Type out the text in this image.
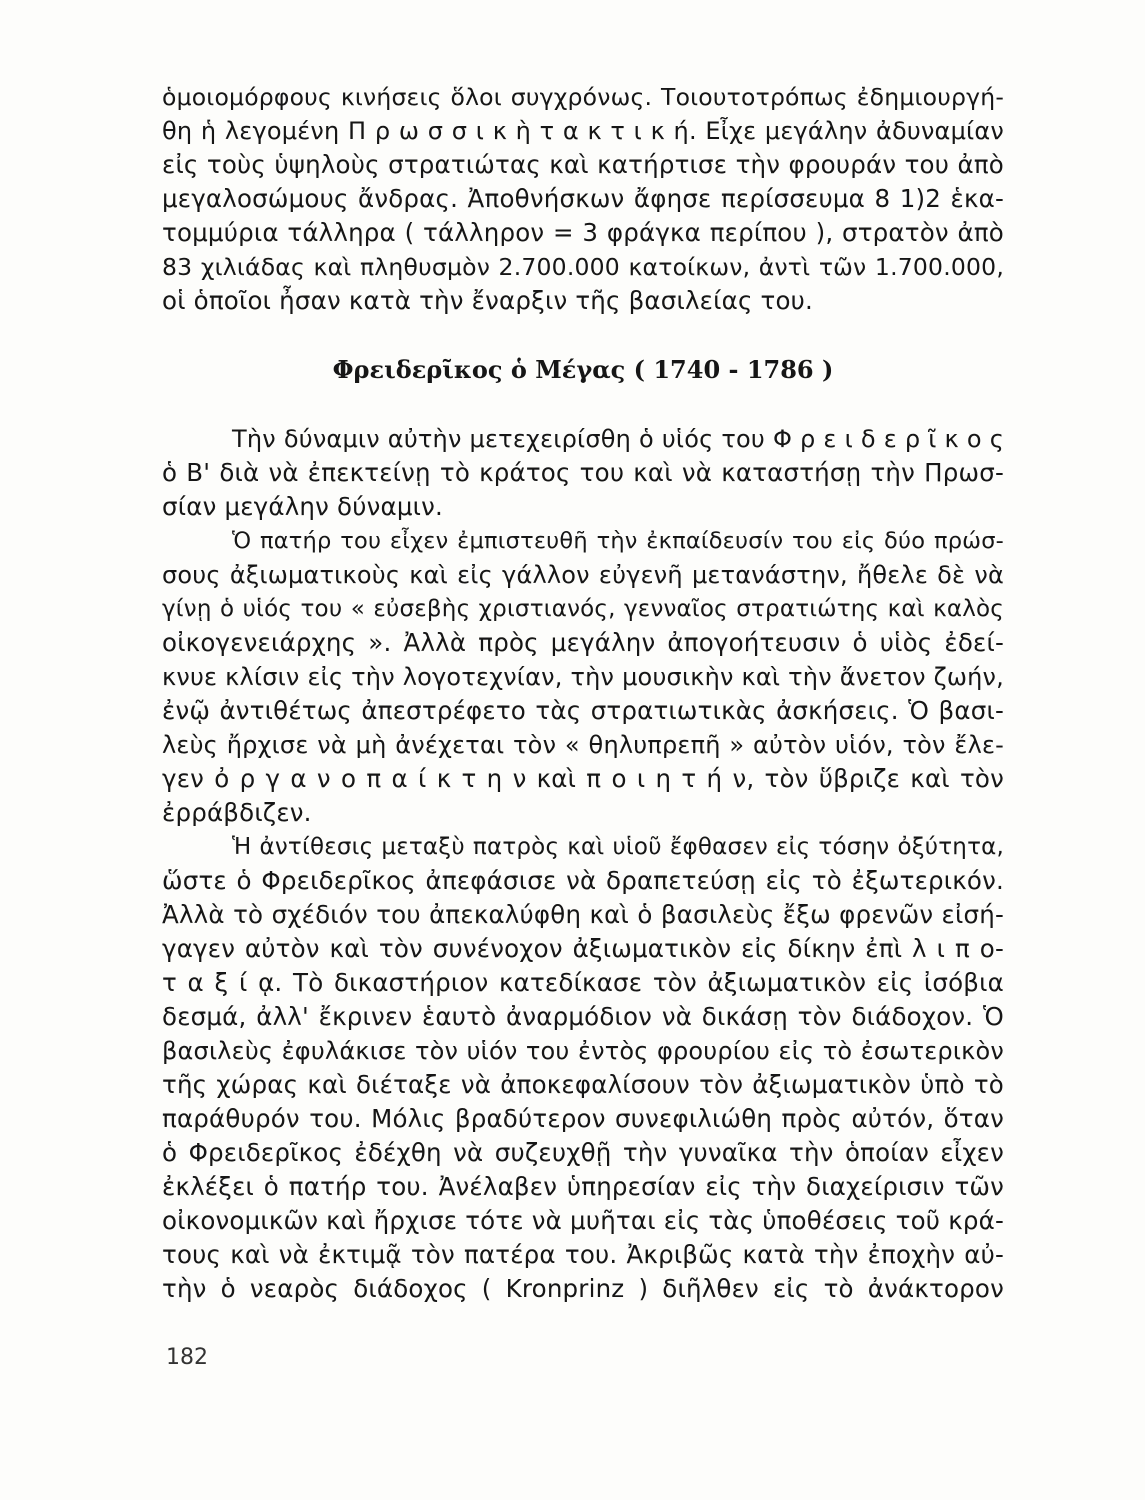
ὁμοιομόρφους κινήσεις ὅλοι συγχρόνως. Τοιουτοτρόπως ἐδημιουργή-
θη ἡ λεγομένη Π ρ ω σ σ ι κ ὴ τ α κ τ ι κ ή. Εἶχε μεγάλην ἀδυναμίαν
εἰς τοὺς ὑψηλοὺς στρατιώτας καὶ κατήρτισε τὴν φρουράν του ἀπὸ
μεγαλοσώμους ἄνδρας. Ἀποθνήσκων ἄφησε περίσσευμα 8 1)2 ἑκα-
τομμύρια τάλληρα ( τάλληρον = 3 φράγκα περίπου ), στρατὸν ἀπὸ
83 χιλιάδας καὶ πληθυσμὸν 2.700.000 κατοίκων, ἀντὶ τῶν 1.700.000,
οἱ ὁποῖοι ἦσαν κατὰ τὴν ἔναρξιν τῆς βασιλείας του.
Φρειδερῖκος ὁ Μέγας ( 1740 - 1786 )
Τὴν δύναμιν αὐτὴν μετεχειρίσθη ὁ υἱός του Φ ρ ε ι δ ε ρ ῖ κ ο ς
ὁ Β' διὰ νὰ ἐπεκτείνῃ τὸ κράτος του καὶ νὰ καταστήσῃ τὴν Πρωσ-
σίαν μεγάλην δύναμιν.
Ὁ πατήρ του εἶχεν ἐμπιστευθῆ τὴν ἐκπαίδευσίν του εἰς δύο πρώσ-
σους ἀξιωματικοὺς καὶ εἰς γάλλον εὐγενῆ μετανάστην, ἤθελε δὲ νὰ
γίνῃ ὁ υἱός του « εὐσεβὴς χριστιανός, γενναῖος στρατιώτης καὶ καλὸς
οἰκογενειάρχης ». Ἀλλὰ πρὸς μεγάλην ἀπογοήτευσιν ὁ υἱὸς ἐδεί-
κνυε κλίσιν εἰς τὴν λογοτεχνίαν, τὴν μουσικὴν καὶ τὴν ἄνετον ζωήν,
ἐνῷ ἀντιθέτως ἀπεστρέφετο τὰς στρατιωτικὰς ἀσκήσεις. Ὁ βασι-
λεὺς ἤρχισε νὰ μὴ ἀνέχεται τὸν « θηλυπρεπῆ » αὐτὸν υἱόν, τὸν ἔλε-
γεν ὀ ρ γ α ν ο π α ί κ τ η ν καὶ π ο ι η τ ή ν, τὸν ὕβριζε καὶ τὸν
ἐρράβδιζεν.
Ἡ ἀντίθεσις μεταξὺ πατρὸς καὶ υἱοῦ ἔφθασεν εἰς τόσην ὀξύτητα,
ὥστε ὁ Φρειδερῖκος ἀπεφάσισε νὰ δραπετεύσῃ εἰς τὸ ἐξωτερικόν.
Ἀλλὰ τὸ σχέδιόν του ἀπεκαλύφθη καὶ ὁ βασιλεὺς ἔξω φρενῶν εἰσή-
γαγεν αὐτὸν καὶ τὸν συνένοχον ἀξιωματικὸν εἰς δίκην ἐπὶ λ ι π ο-
τ α ξ ί ᾳ. Τὸ δικαστήριον κατεδίκασε τὸν ἀξιωματικὸν εἰς ἰσόβια
δεσμά, ἀλλ' ἔκρινεν ἑαυτὸ ἀναρμόδιον νὰ δικάσῃ τὸν διάδοχον. Ὁ
βασιλεὺς ἐφυλάκισε τὸν υἱόν του ἐντὸς φρουρίου εἰς τὸ ἐσωτερικὸν
τῆς χώρας καὶ διέταξε νὰ ἀποκεφαλίσουν τὸν ἀξιωματικὸν ὑπὸ τὸ
παράθυρόν του. Μόλις βραδύτερον συνεφιλιώθη πρὸς αὐτόν, ὅταν
ὁ Φρειδερῖκος ἐδέχθη νὰ συζευχθῇ τὴν γυναῖκα τὴν ὁποίαν εἶχεν
ἐκλέξει ὁ πατήρ του. Ἀνέλαβεν ὑπηρεσίαν εἰς τὴν διαχείρισιν τῶν
οἰκονομικῶν καὶ ἤρχισε τότε νὰ μυῆται εἰς τὰς ὑποθέσεις τοῦ κρά-
τους καὶ νὰ ἐκτιμᾷ τὸν πατέρα του. Ἀκριβῶς κατὰ τὴν ἐποχὴν αὐ-
τὴν ὁ νεαρὸς διάδοχος ( Kronprinz ) διῆλθεν εἰς τὸ ἀνάκτορον
182
